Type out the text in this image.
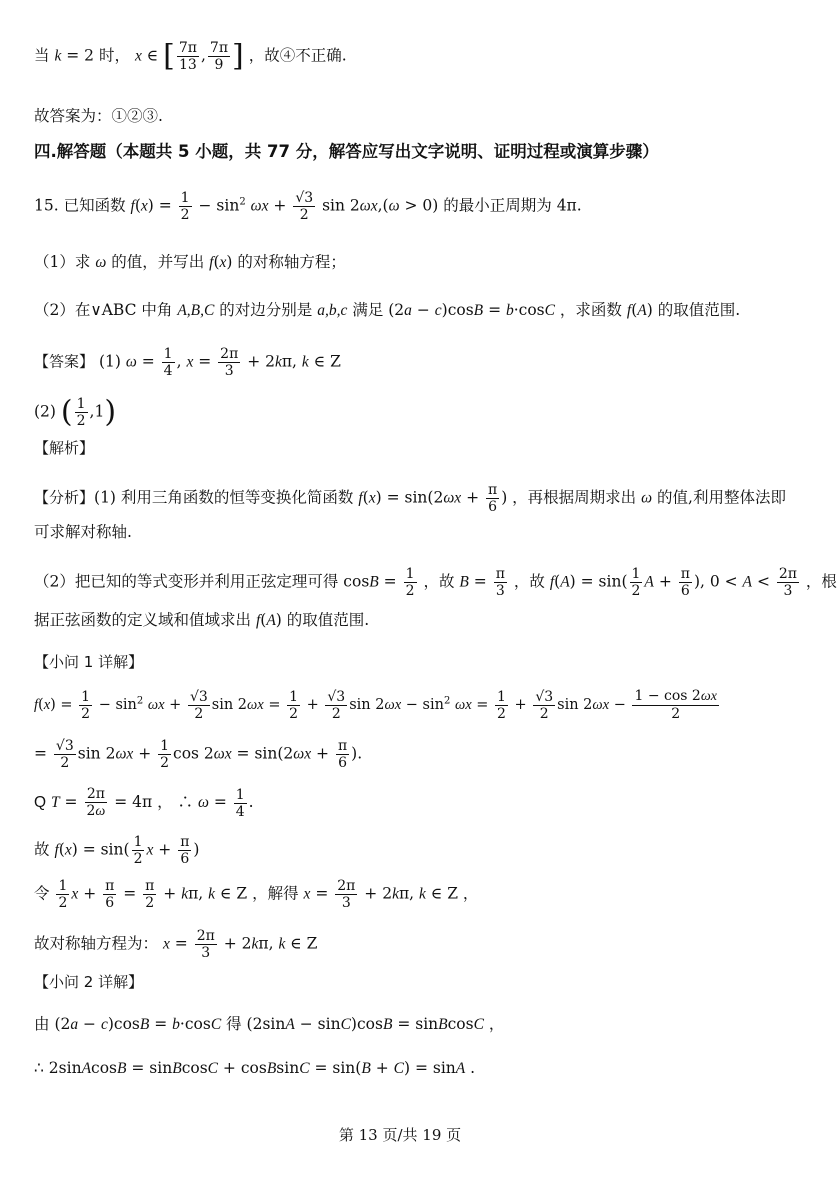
当 k = 2 时， x ∈ [ $\frac{7\pi}{13}$ , $\frac{7\pi}{9}$ ] ，故④不正确.
故答案为：①②③.
四.解答题（本题共 5 小题，共 77 分，解答应写出文字说明、证明过程或演算步骤）
15. 已知函数 $f(x) = \frac{1}{2} - \sin^2 \omega x + \frac{√3}{2}$ sin 2ωx,(ω > 0) 的最小正周期为 4π.
（1）求 ω 的值，并写出 f(x) 的对称轴方程；
（2）在∨ABC 中角 A,B,C 的对边分别是 a,b,c 满足 (2a − c)cosB = b·cosC ，求函数 f(A) 的取值范围.
【答案】 (1) $\omega = \frac{1}{4}$ , $x = \frac{2\pi}{3} + 2k\pi$, k ∈ Z
(2) ( $\frac{1}{2} ,1$)
【解析】
【分析】(1) 利用三角函数的恒等变换化简函数 $f(x) = \sin(2\omega x + \frac{\pi}{6}$ ) ，再根据周期求出 ω 的值,利用整体法即
可求解对称轴.
（2）把已知的等式变形并利用正弦定理可得 $\cos B = \frac{1}{2}$ ，故 $B = \frac{\pi}{3}$ ，故 $f(A) = \sin( \frac{1}{2}$ $A + \frac{\pi}{6}$ ), $0 < A < \frac{2\pi}{3}$ ，根
据正弦函数的定义域和值域求出 f(A) 的取值范围.
【小问 1 详解】
$f(x) = \frac{1}{2} - \sin^2 \omega x + \frac{√3}{2}$ $\sin 2\omega x = \frac{1}{2} + \frac{√3}{2}$ $\sin 2\omega x - \sin^2 \omega x = \frac{1}{2} + \frac{√3}{2}$ $\sin 2\omega x - \frac{1 - \cos 2\omega x}{2}$
= $\frac{√3}{2}$ $\sin 2\omega x + \frac{1}{2}$ $\cos 2\omega x = \sin(2\omega x + \frac{\pi}{6}$ ).
Q $T = \frac{2\pi}{2\omega} = 4\pi$ ， ∴ $\omega = \frac{1}{4}$ .
故 $f(x) = \sin( \frac{1}{2}$ $x + \frac{\pi}{6}$ )
令 $\frac{1}{2}$ $x + \frac{\pi}{6} = \frac{\pi}{2} + k\pi$, k ∈ Z ，解得 $x = \frac{2\pi}{3} + 2k\pi$, k ∈ Z ，
故对称轴方程为： $x = \frac{2\pi}{3} + 2k\pi$, k ∈ Z
【小问 2 详解】
由 (2a − c)cosB = b·cosC 得 (2sinA − sinC)cosB = sinBcosC ，
∴ 2sinAcosB = sinBcosC + cosBsinC = sin(B + C) = sinA .
第 13 页/共 19 页
